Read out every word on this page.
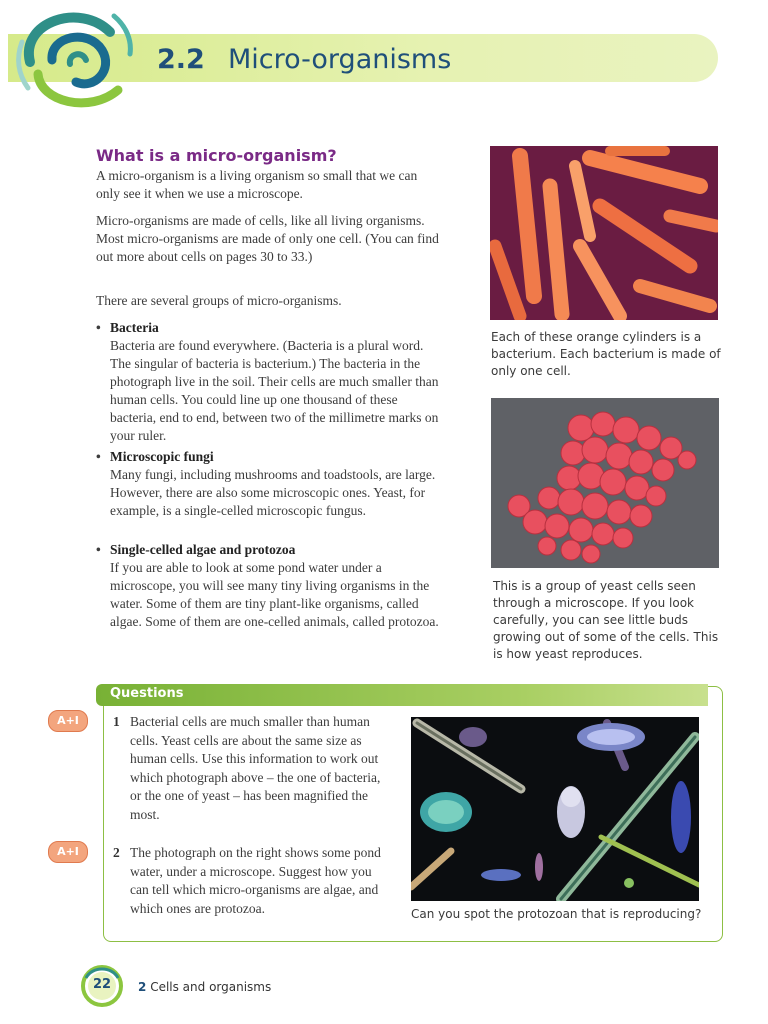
2.2 Micro-organisms
What is a micro-organism?
A micro-organism is a living organism so small that we can only see it when we use a microscope.
Micro-organisms are made of cells, like all living organisms. Most micro-organisms are made of only one cell. (You can find out more about cells on pages 30 to 33.)
There are several groups of micro-organisms.
• Bacteria
Bacteria are found everywhere. (Bacteria is a plural word. The singular of bacteria is bacterium.) The bacteria in the photograph live in the soil. Their cells are much smaller than human cells. You could line up one thousand of these bacteria, end to end, between two of the millimetre marks on your ruler.
• Microscopic fungi
Many fungi, including mushrooms and toadstools, are large. However, there are also some microscopic ones. Yeast, for example, is a single-celled microscopic fungus.
• Single-celled algae and protozoa
If you are able to look at some pond water under a microscope, you will see many tiny living organisms in the water. Some of them are tiny plant-like organisms, called algae. Some of them are one-celled animals, called protozoa.
Each of these orange cylinders is a bacterium. Each bacterium is made of only one cell.
This is a group of yeast cells seen through a microscope. If you look carefully, you can see little buds growing out of some of the cells. This is how yeast reproduces.
Questions
A+I	1 Bacterial cells are much smaller than human cells. Yeast cells are about the same size as human cells. Use this information to work out which photograph above – the one of bacteria, or the one of yeast – has been magnified the most.
A+I	2 The photograph on the right shows some pond water, under a microscope. Suggest how you can tell which micro-organisms are algae, and which ones are protozoa.	Can you spot the protozoan that is reproducing?
22	2 Cells and organisms
